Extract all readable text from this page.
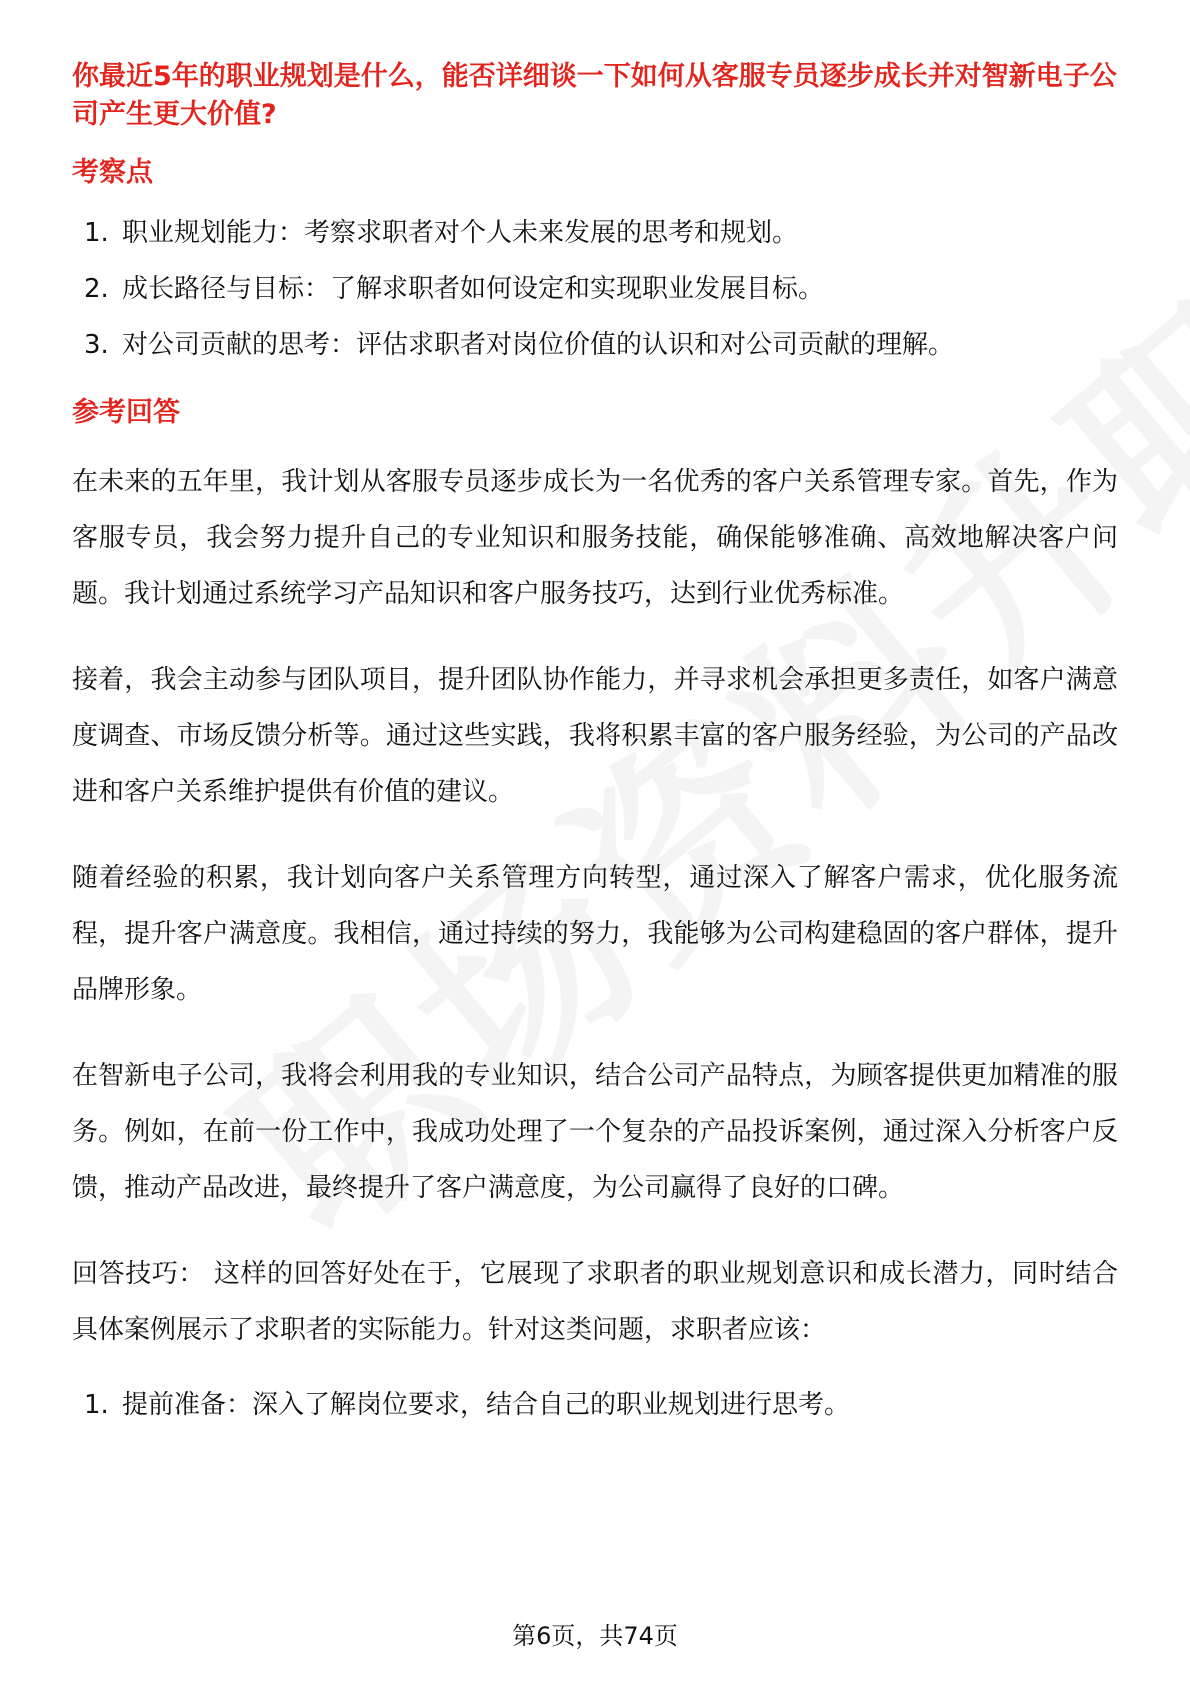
你最近5年的职业规划是什么，能否详细谈一下如何从客服专员逐步成长并对智新电子公司产生更大价值?
考察点
1. 职业规划能力：考察求职者对个人未来发展的思考和规划。
2. 成长路径与目标：了解求职者如何设定和实现职业发展目标。
3. 对公司贡献的思考：评估求职者对岗位价值的认识和对公司贡献的理解。
参考回答

在未来的五年里，我计划从客服专员逐步成长为一名优秀的客户关系管理专家。首先，作为客服专员，我会努力提升自己的专业知识和服务技能，确保能够准确、高效地解决客户问题。我计划通过系统学习产品知识和客户服务技巧，达到行业优秀标准。

接着，我会主动参与团队项目，提升团队协作能力，并寻求机会承担更多责任，如客户满意度调查、市场反馈分析等。通过这些实践，我将积累丰富的客户服务经验，为公司的产品改进和客户关系维护提供有价值的建议。

随着经验的积累，我计划向客户关系管理方向转型，通过深入了解客户需求，优化服务流程，提升客户满意度。我相信，通过持续的努力，我能够为公司构建稳固的客户群体，提升品牌形象。

在智新电子公司，我将会利用我的专业知识，结合公司产品特点，为顾客提供更加精准的服务。例如，在前一份工作中，我成功处理了一个复杂的产品投诉案例，通过深入分析客户反馈，推动产品改进，最终提升了客户满意度，为公司赢得了良好的口碑。

回答技巧： 这样的回答好处在于，它展现了求职者的职业规划意识和成长潜力，同时结合具体案例展示了求职者的实际能力。针对这类问题，求职者应该：

1. 提前准备：深入了解岗位要求，结合自己的职业规划进行思考。
第6页，共74页
